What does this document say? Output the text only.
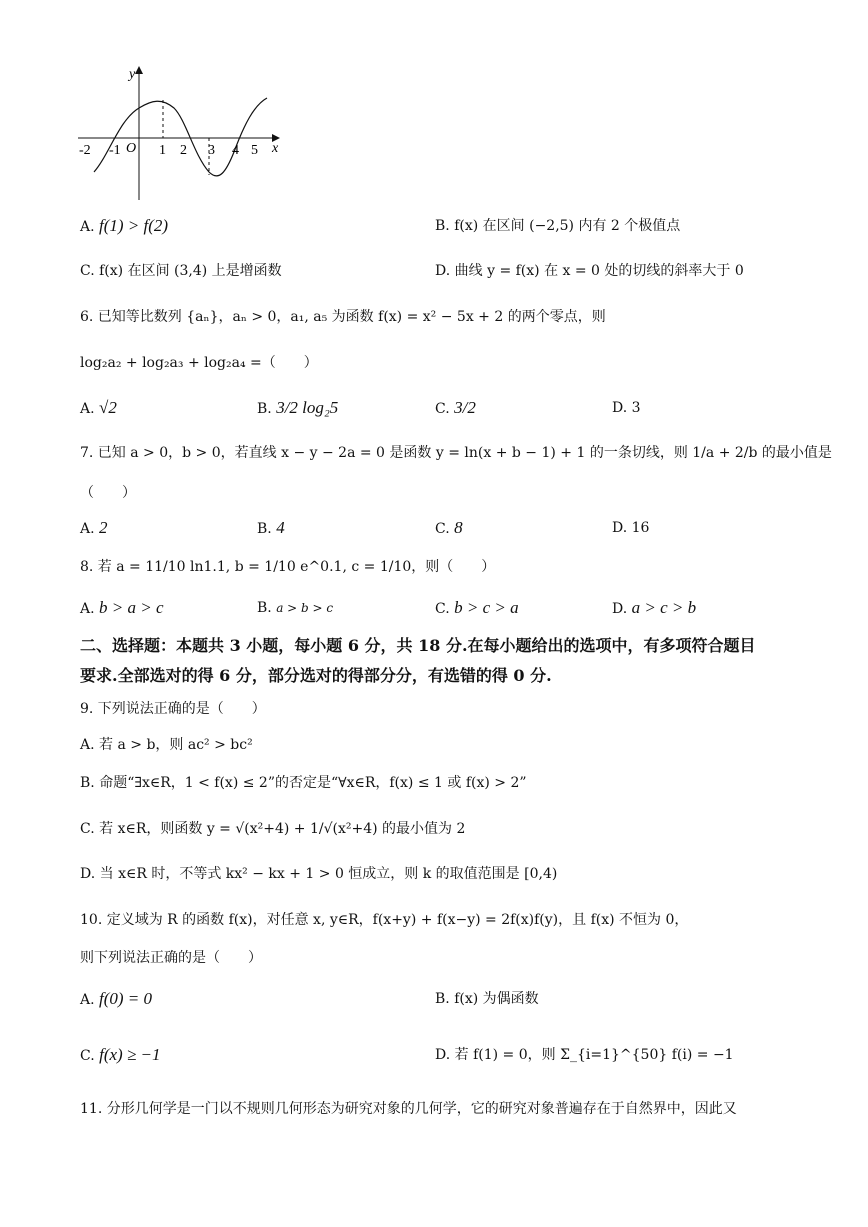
y
x
O
-2 -1	1 2 3 4 5
A. f(1) > f(2)	B. f(x) 在区间 (−2,5) 内有 2 个极值点
C. f(x) 在区间 (3,4) 上是增函数	D. 曲线 y = f(x) 在 x = 0 处的切线的斜率大于 0
6. 已知等比数列 {aₙ}，aₙ > 0，a₁, a₅ 为函数 f(x) = x² − 5x + 2 的两个零点，则
log₂a₂ + log₂a₃ + log₂a₄ =（　　）
A. √2	B. 3/2 log₂5	C. 3/2	D. 3
7. 已知 a > 0，b > 0，若直线 x − y − 2a = 0 是函数 y = ln(x + b − 1) + 1 的一条切线，则 1/a + 2/b 的最小值是
（　　）
A. 2	B. 4	C. 8	D. 16
8. 若 a = 11/10 ln1.1, b = 1/10 e^0.1, c = 1/10，则（　　）
A. b > a > c	B. a > b > c	C. b > c > a	D. a > c > b
二、选择题：本题共 3 小题，每小题 6 分，共 18 分.在每小题给出的选项中，有多项符合题目
要求.全部选对的得 6 分，部分选对的得部分分，有选错的得 0 分.
9. 下列说法正确的是（　　）
A. 若 a > b，则 ac² > bc²
B. 命题“∃x∈R，1 < f(x) ≤ 2”的否定是“∀x∈R，f(x) ≤ 1 或 f(x) > 2”
C. 若 x∈R，则函数 y = √(x²+4) + 1/√(x²+4) 的最小值为 2
D. 当 x∈R 时，不等式 kx² − kx + 1 > 0 恒成立，则 k 的取值范围是 [0,4)
10. 定义域为 R 的函数 f(x)，对任意 x, y∈R，f(x+y) + f(x−y) = 2f(x)f(y)，且 f(x) 不恒为 0，
则下列说法正确的是（　　）
A. f(0) = 0	B. f(x) 为偶函数
C. f(x) ≥ −1	D. 若 f(1) = 0，则 Σ_{i=1}^{50} f(i) = −1
11. 分形几何学是一门以不规则几何形态为研究对象的几何学，它的研究对象普遍存在于自然界中，因此又
